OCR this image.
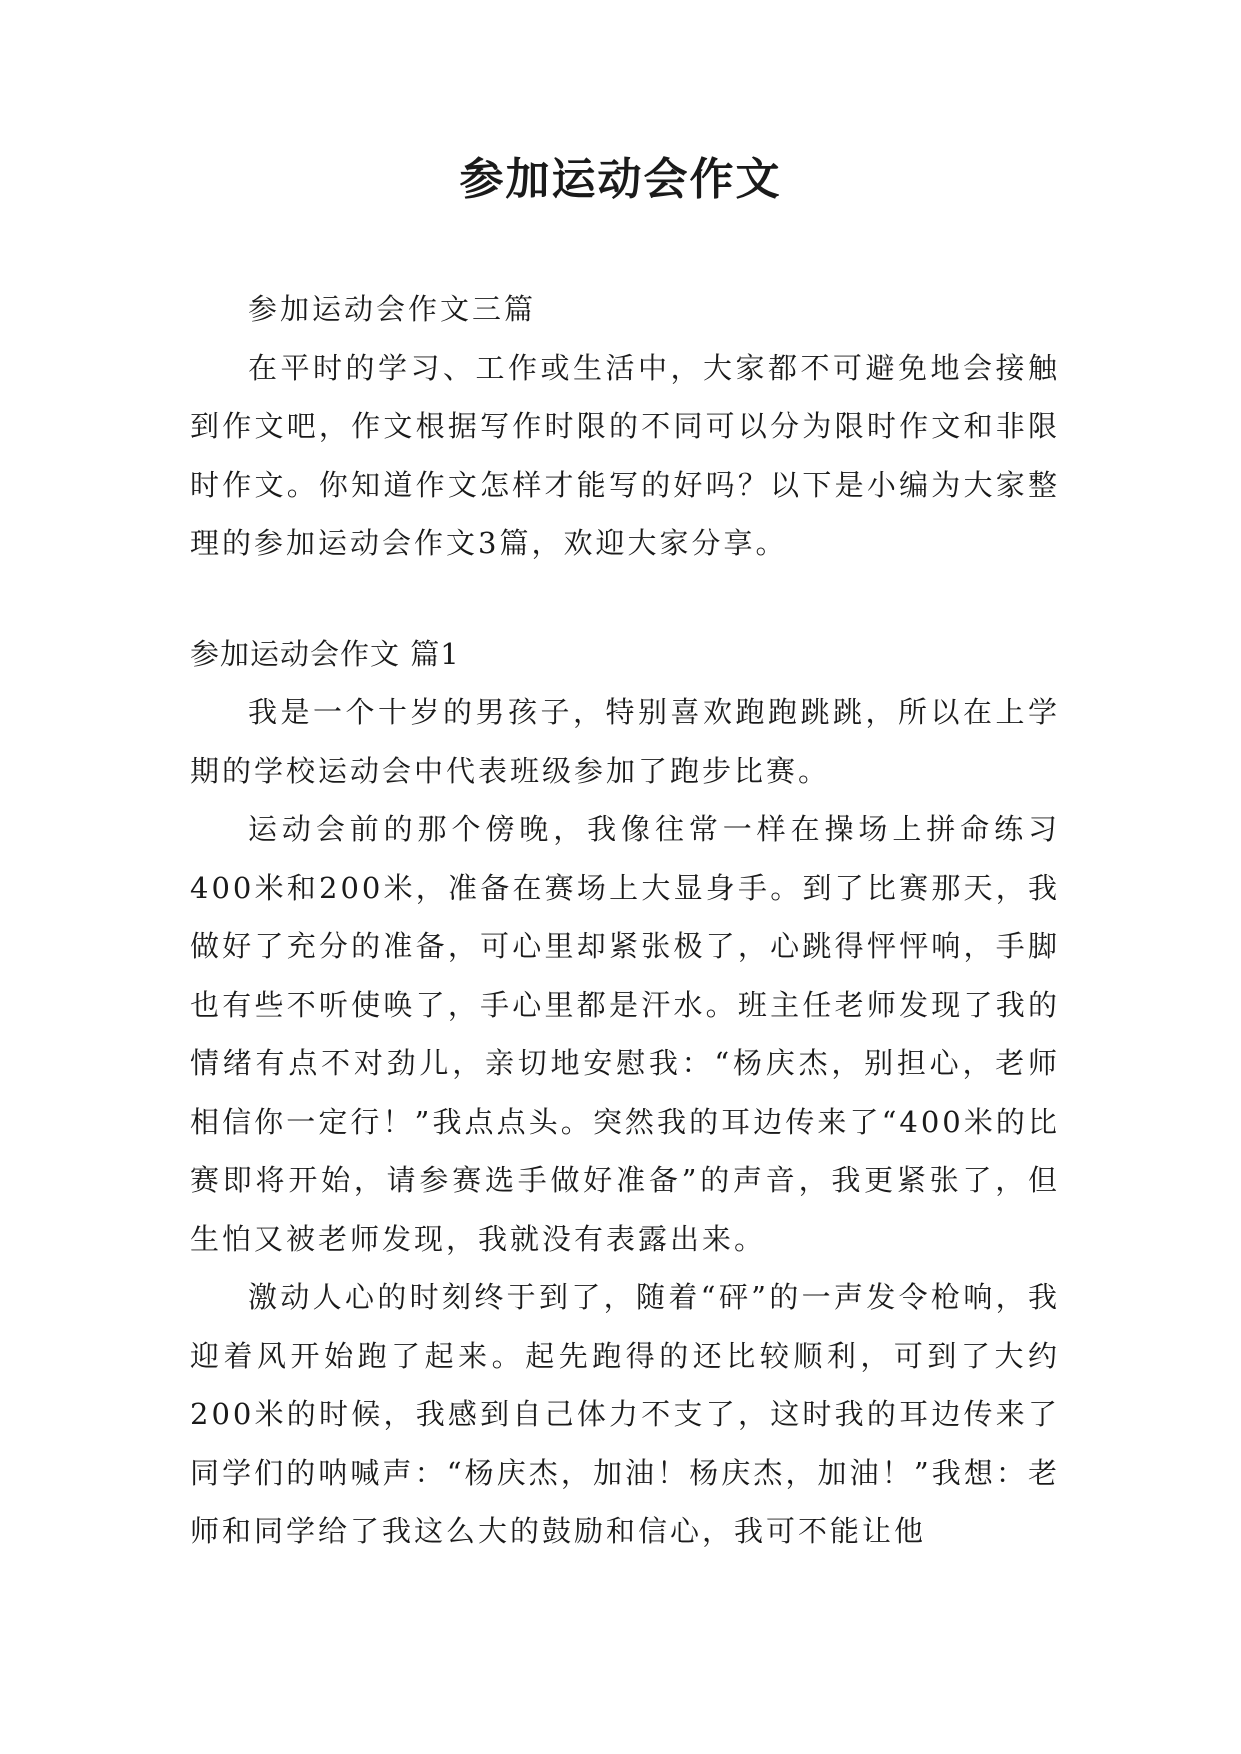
参加运动会作文

参加运动会作文三篇

在平时的学习、工作或生活中，大家都不可避免地会接触到作文吧，作文根据写作时限的不同可以分为限时作文和非限时作文。你知道作文怎样才能写的好吗？以下是小编为大家整理的参加运动会作文3篇，欢迎大家分享。

参加运动会作文 篇1

我是一个十岁的男孩子，特别喜欢跑跑跳跳，所以在上学期的学校运动会中代表班级参加了跑步比赛。

运动会前的那个傍晚，我像往常一样在操场上拼命练习400米和200米，准备在赛场上大显身手。到了比赛那天，我做好了充分的准备，可心里却紧张极了，心跳得怦怦响，手脚也有些不听使唤了，手心里都是汗水。班主任老师发现了我的情绪有点不对劲儿，亲切地安慰我：“杨庆杰，别担心，老师相信你一定行！”我点点头。突然我的耳边传来了“400米的比赛即将开始，请参赛选手做好准备”的声音，我更紧张了，但生怕又被老师发现，我就没有表露出来。

激动人心的时刻终于到了，随着“砰”的一声发令枪响，我迎着风开始跑了起来。起先跑得的还比较顺利，可到了大约200米的时候，我感到自己体力不支了，这时我的耳边传来了同学们的呐喊声：“杨庆杰，加油！杨庆杰，加油！”我想：老师和同学给了我这么大的鼓励和信心，我可不能让他
